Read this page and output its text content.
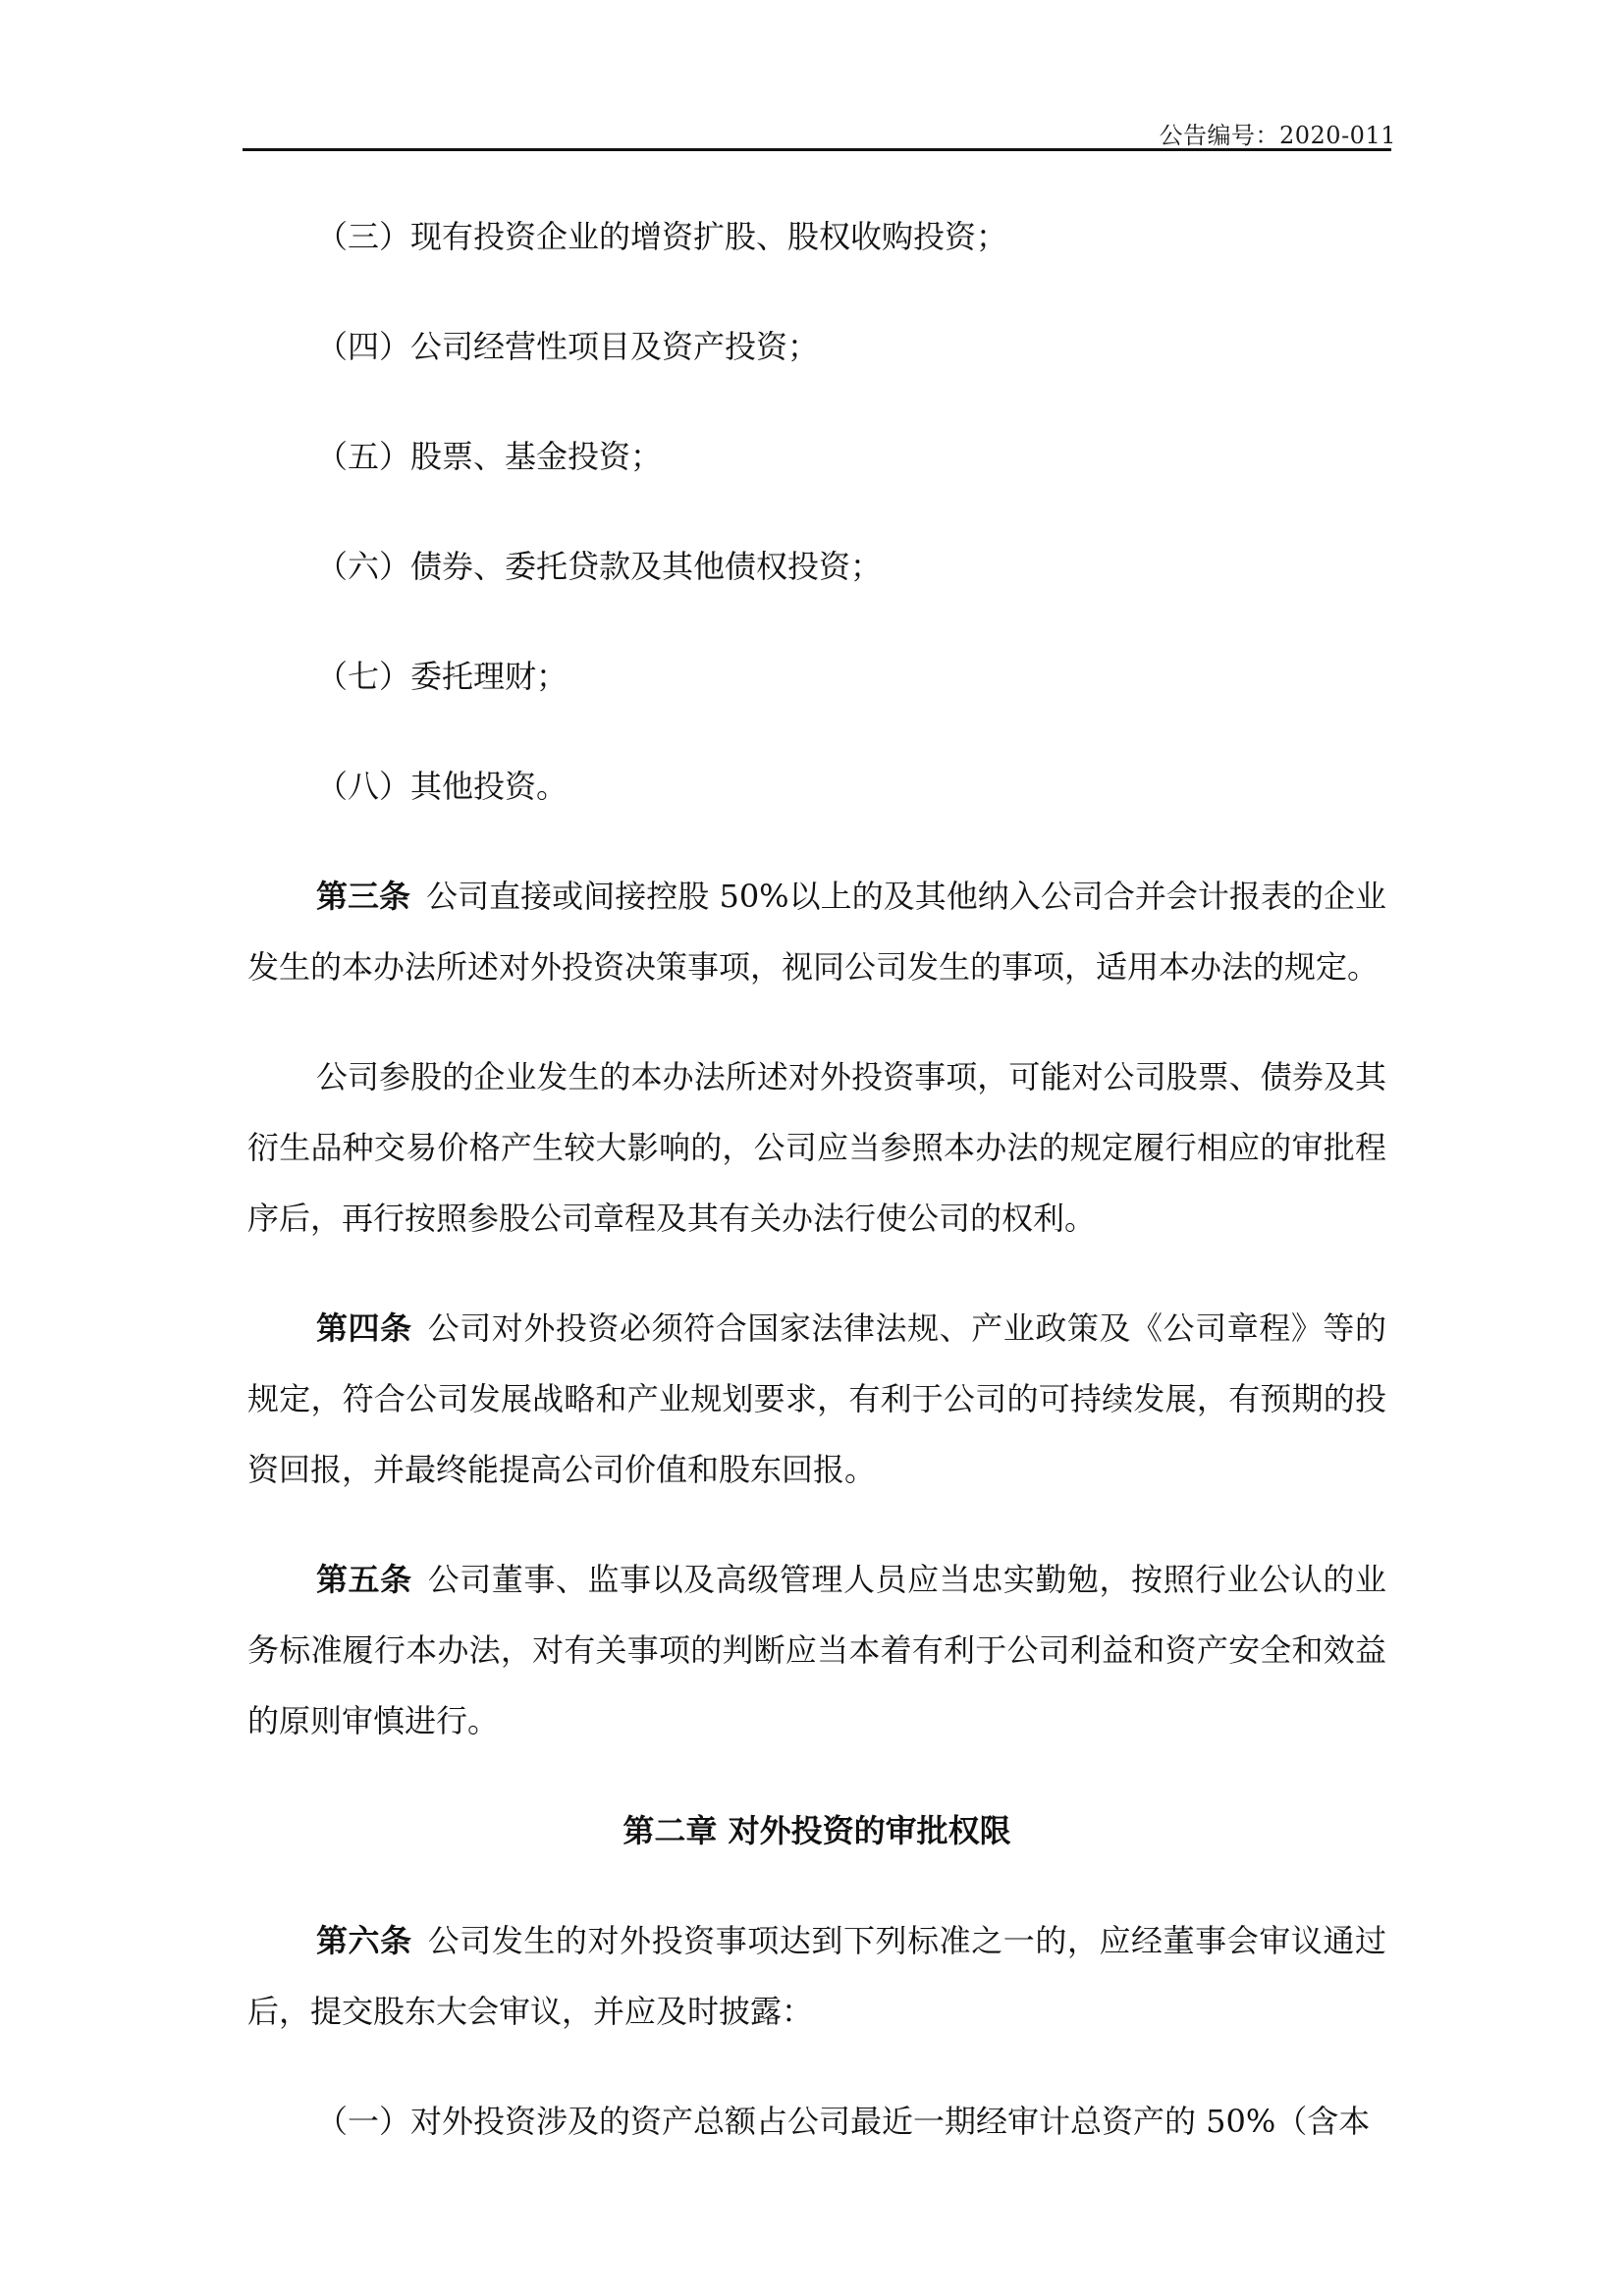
公告编号：2020-011

（三）现有投资企业的增资扩股、股权收购投资；

（四）公司经营性项目及资产投资；

（五）股票、基金投资；

（六）债券、委托贷款及其他债权投资；

（七）委托理财；

（八）其他投资。

第三条 公司直接或间接控股 50%以上的及其他纳入公司合并会计报表的企业发生的本办法所述对外投资决策事项，视同公司发生的事项，适用本办法的规定。

公司参股的企业发生的本办法所述对外投资事项，可能对公司股票、债券及其衍生品种交易价格产生较大影响的，公司应当参照本办法的规定履行相应的审批程序后，再行按照参股公司章程及其有关办法行使公司的权利。

第四条 公司对外投资必须符合国家法律法规、产业政策及《公司章程》等的规定，符合公司发展战略和产业规划要求，有利于公司的可持续发展，有预期的投资回报，并最终能提高公司价值和股东回报。

第五条 公司董事、监事以及高级管理人员应当忠实勤勉，按照行业公认的业务标准履行本办法，对有关事项的判断应当本着有利于公司利益和资产安全和效益的原则审慎进行。

第二章 对外投资的审批权限

第六条 公司发生的对外投资事项达到下列标准之一的，应经董事会审议通过后，提交股东大会审议，并应及时披露：

（一）对外投资涉及的资产总额占公司最近一期经审计总资产的 50%（含本
